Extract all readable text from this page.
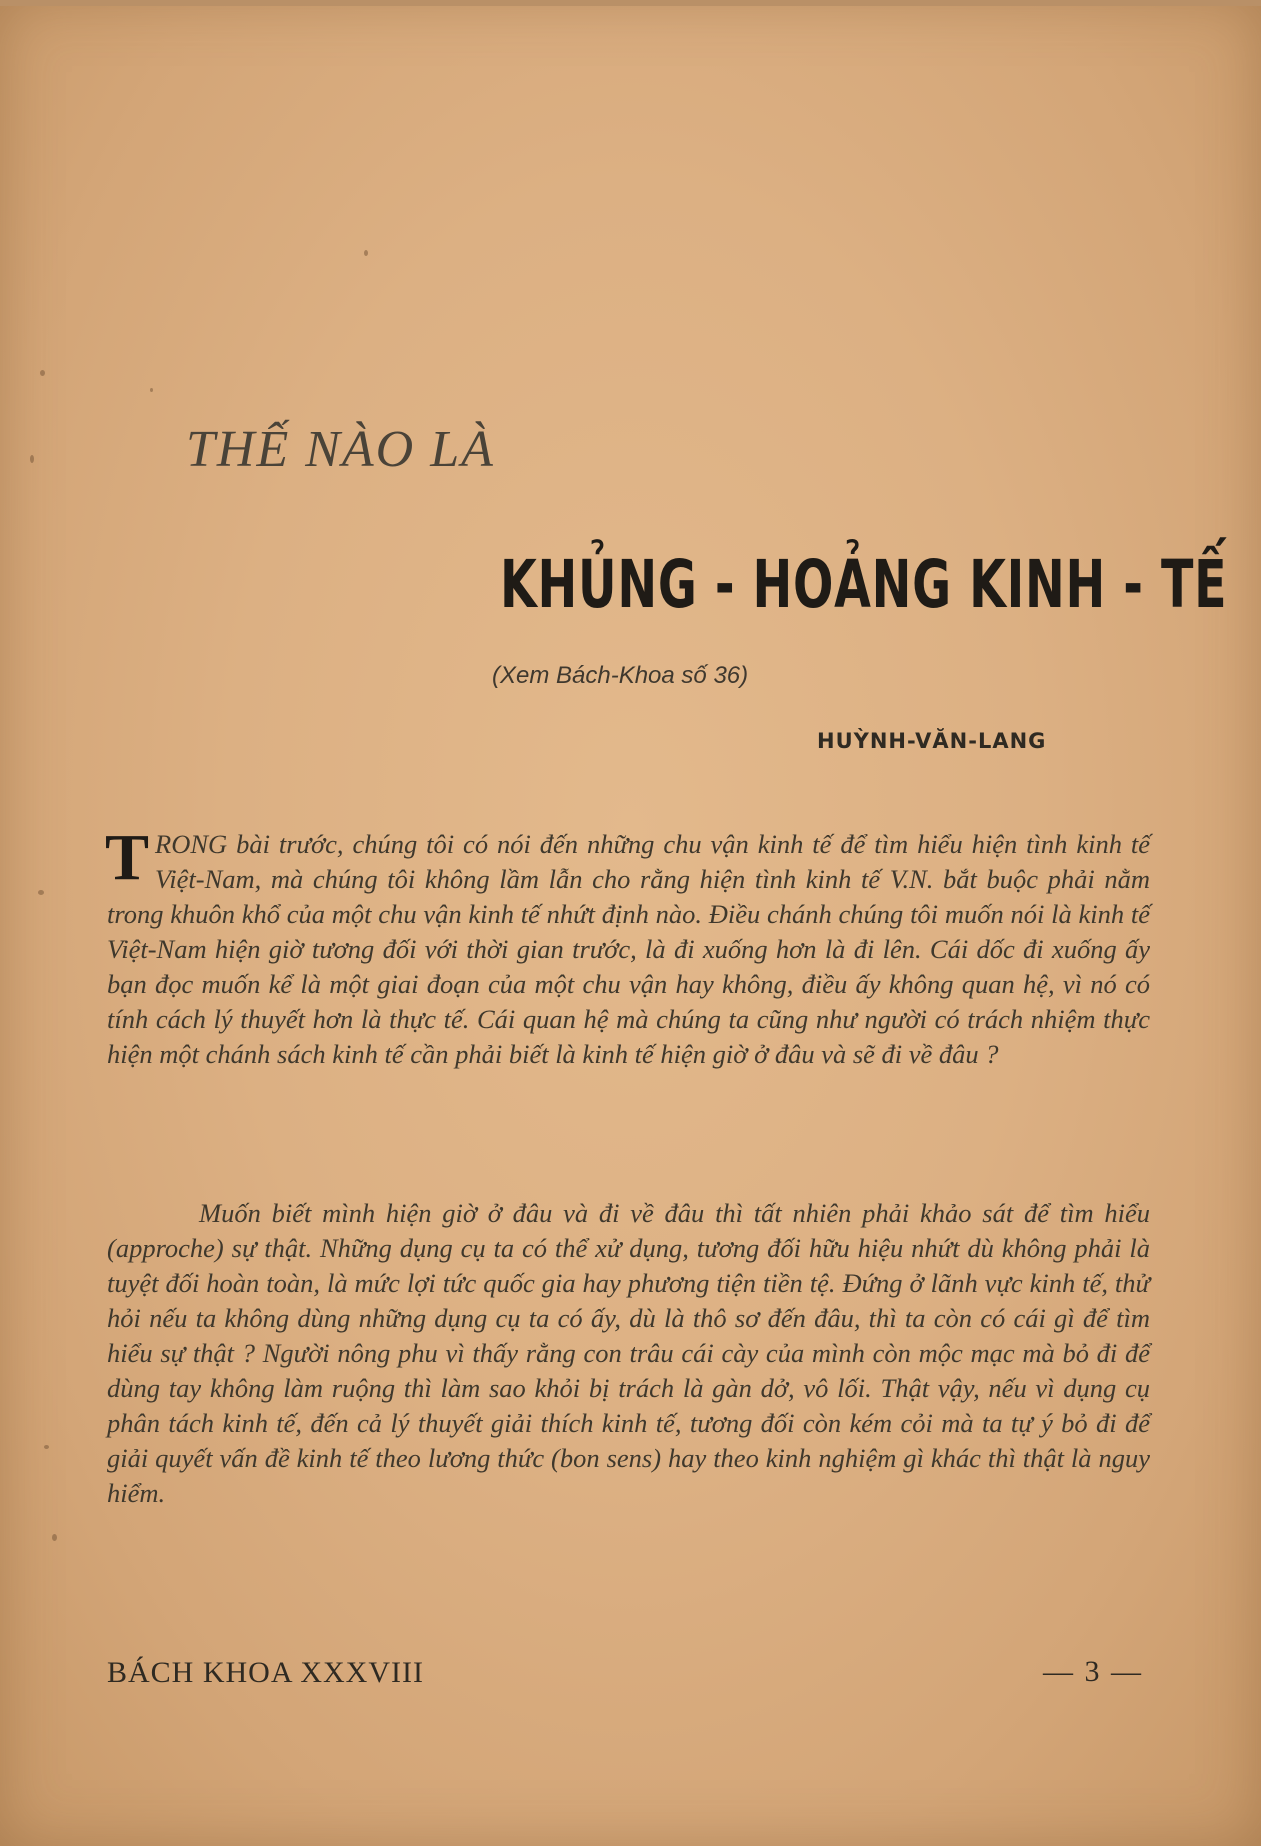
THẾ NÀO LÀ
KHỦNG - HOẢNG KINH - TẾ

(Xem Bách-Khoa số 36)

HUỲNH-VĂN-LANG

TRONG bài trước, chúng tôi có nói đến những chu vận kinh tế để tìm hiểu hiện tình kinh tế Việt-Nam, mà chúng tôi không lầm lẫn cho rằng hiện tình kinh tế V.N. bắt buộc phải nằm trong khuôn khổ của một chu vận kinh tế nhứt định nào. Điều chánh chúng tôi muốn nói là kinh tế Việt-Nam hiện giờ tương đối với thời gian trước, là đi xuống hơn là đi lên. Cái dốc đi xuống ấy bạn đọc muốn kể là một giai đoạn của một chu vận hay không, điều ấy không quan hệ, vì nó có tính cách lý thuyết hơn là thực tế. Cái quan hệ mà chúng ta cũng như người có trách nhiệm thực hiện một chánh sách kinh tế cần phải biết là kinh tế hiện giờ ở đâu và sẽ đi về đâu ?

Muốn biết mình hiện giờ ở đâu và đi về đâu thì tất nhiên phải khảo sát để tìm hiểu (approche) sự thật. Những dụng cụ ta có thể xử dụng, tương đối hữu hiệu nhứt dù không phải là tuyệt đối hoàn toàn, là mức lợi tức quốc gia hay phương tiện tiền tệ. Đứng ở lãnh vực kinh tế, thử hỏi nếu ta không dùng những dụng cụ ta có ấy, dù là thô sơ đến đâu, thì ta còn có cái gì để tìm hiểu sự thật ? Người nông phu vì thấy rằng con trâu cái cày của mình còn mộc mạc mà bỏ đi để dùng tay không làm ruộng thì làm sao khỏi bị trách là gàn dở, vô lối. Thật vậy, nếu vì dụng cụ phân tách kinh tế, đến cả lý thuyết giải thích kinh tế, tương đối còn kém cỏi mà ta tự ý bỏ đi để giải quyết vấn đề kinh tế theo lương thức (bon sens) hay theo kinh nghiệm gì khác thì thật là nguy hiểm.

BÁCH KHOA XXXVIII	— 3 —
